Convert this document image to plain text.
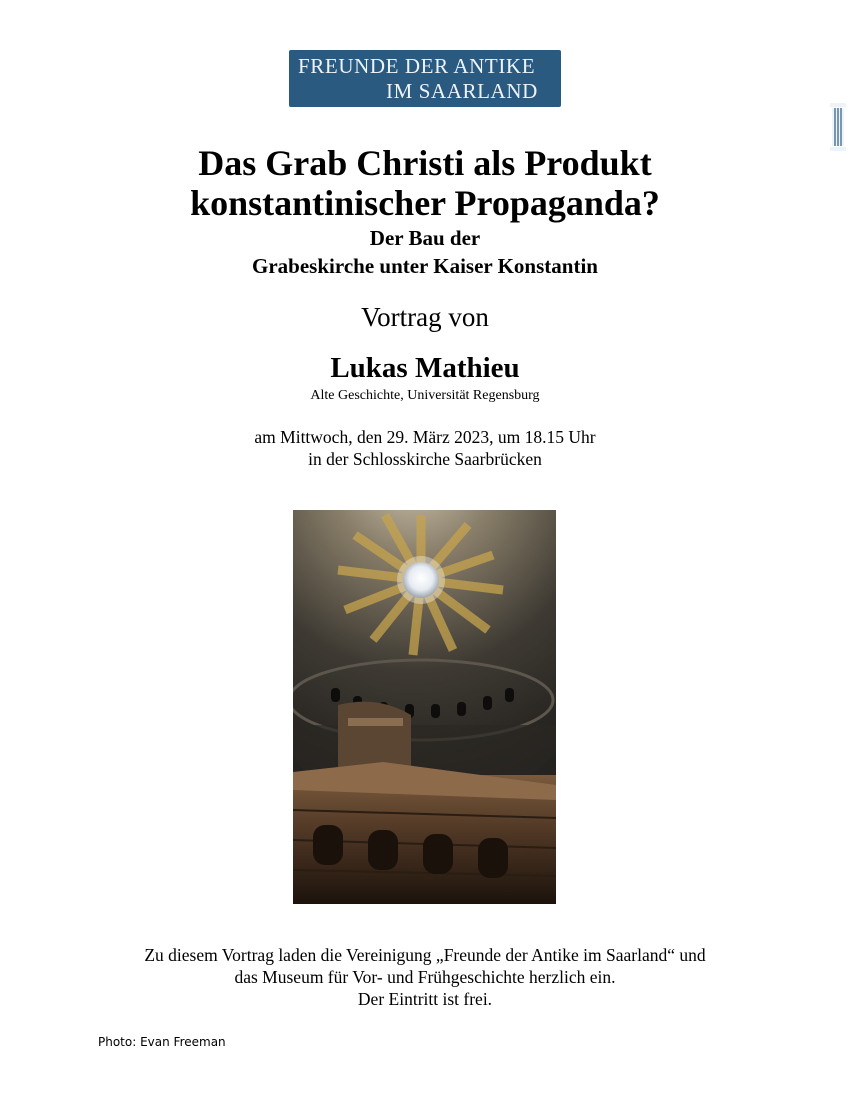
FREUNDE DER ANTIKE
IM SAARLAND
Das Grab Christi als Produkt
konstantinischer Propaganda?
Der Bau der
Grabeskirche unter Kaiser Konstantin
Vortrag von
Lukas Mathieu
Alte Geschichte, Universität Regensburg
am Mittwoch, den 29. März 2023, um 18.15 Uhr
in der Schlosskirche Saarbrücken
Zu diesem Vortrag laden die Vereinigung „Freunde der Antike im Saarland“ und
das Museum für Vor- und Frühgeschichte herzlich ein.
Der Eintritt ist frei.
Photo: Evan Freeman
